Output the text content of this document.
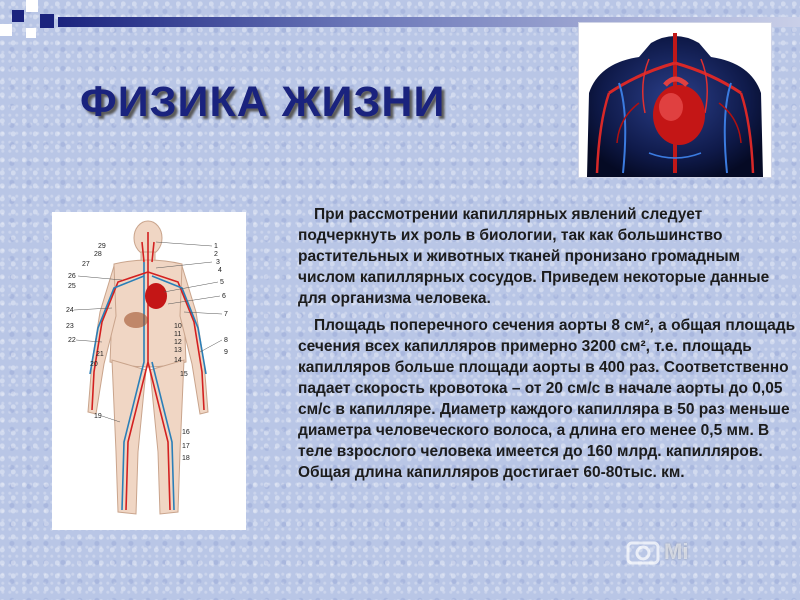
ФИЗИКА ЖИЗНИ
1
2
3
4
5
6
7
8
9
10
11
12
13
14
15
16
17
18
19
20
21
22
23
24
25
26
27
28
29

При рассмотрении капиллярных явлений следует подчеркнуть их роль в биологии, так как большинство растительных и животных тканей пронизано громадным числом капиллярных сосудов. Приведем некоторые данные для организма человека.

Площадь поперечного сечения аорты 8 см², а общая площадь сечения всех капилляров примерно 3200 см², т.е. площадь капилляров больше площади аорты в 400 раз. Соответственно падает скорость кровотока – от 20 см/с в начале аорты до 0,05 см/с в капилляре. Диаметр каждого капилляра в 50 раз меньше диаметра человеческого волоса, а длина его менее 0,5 мм. В теле взрослого человека имеется до 160 млрд. капилляров. Общая длина капилляров достигает 60-80тыс. км.

Mi
